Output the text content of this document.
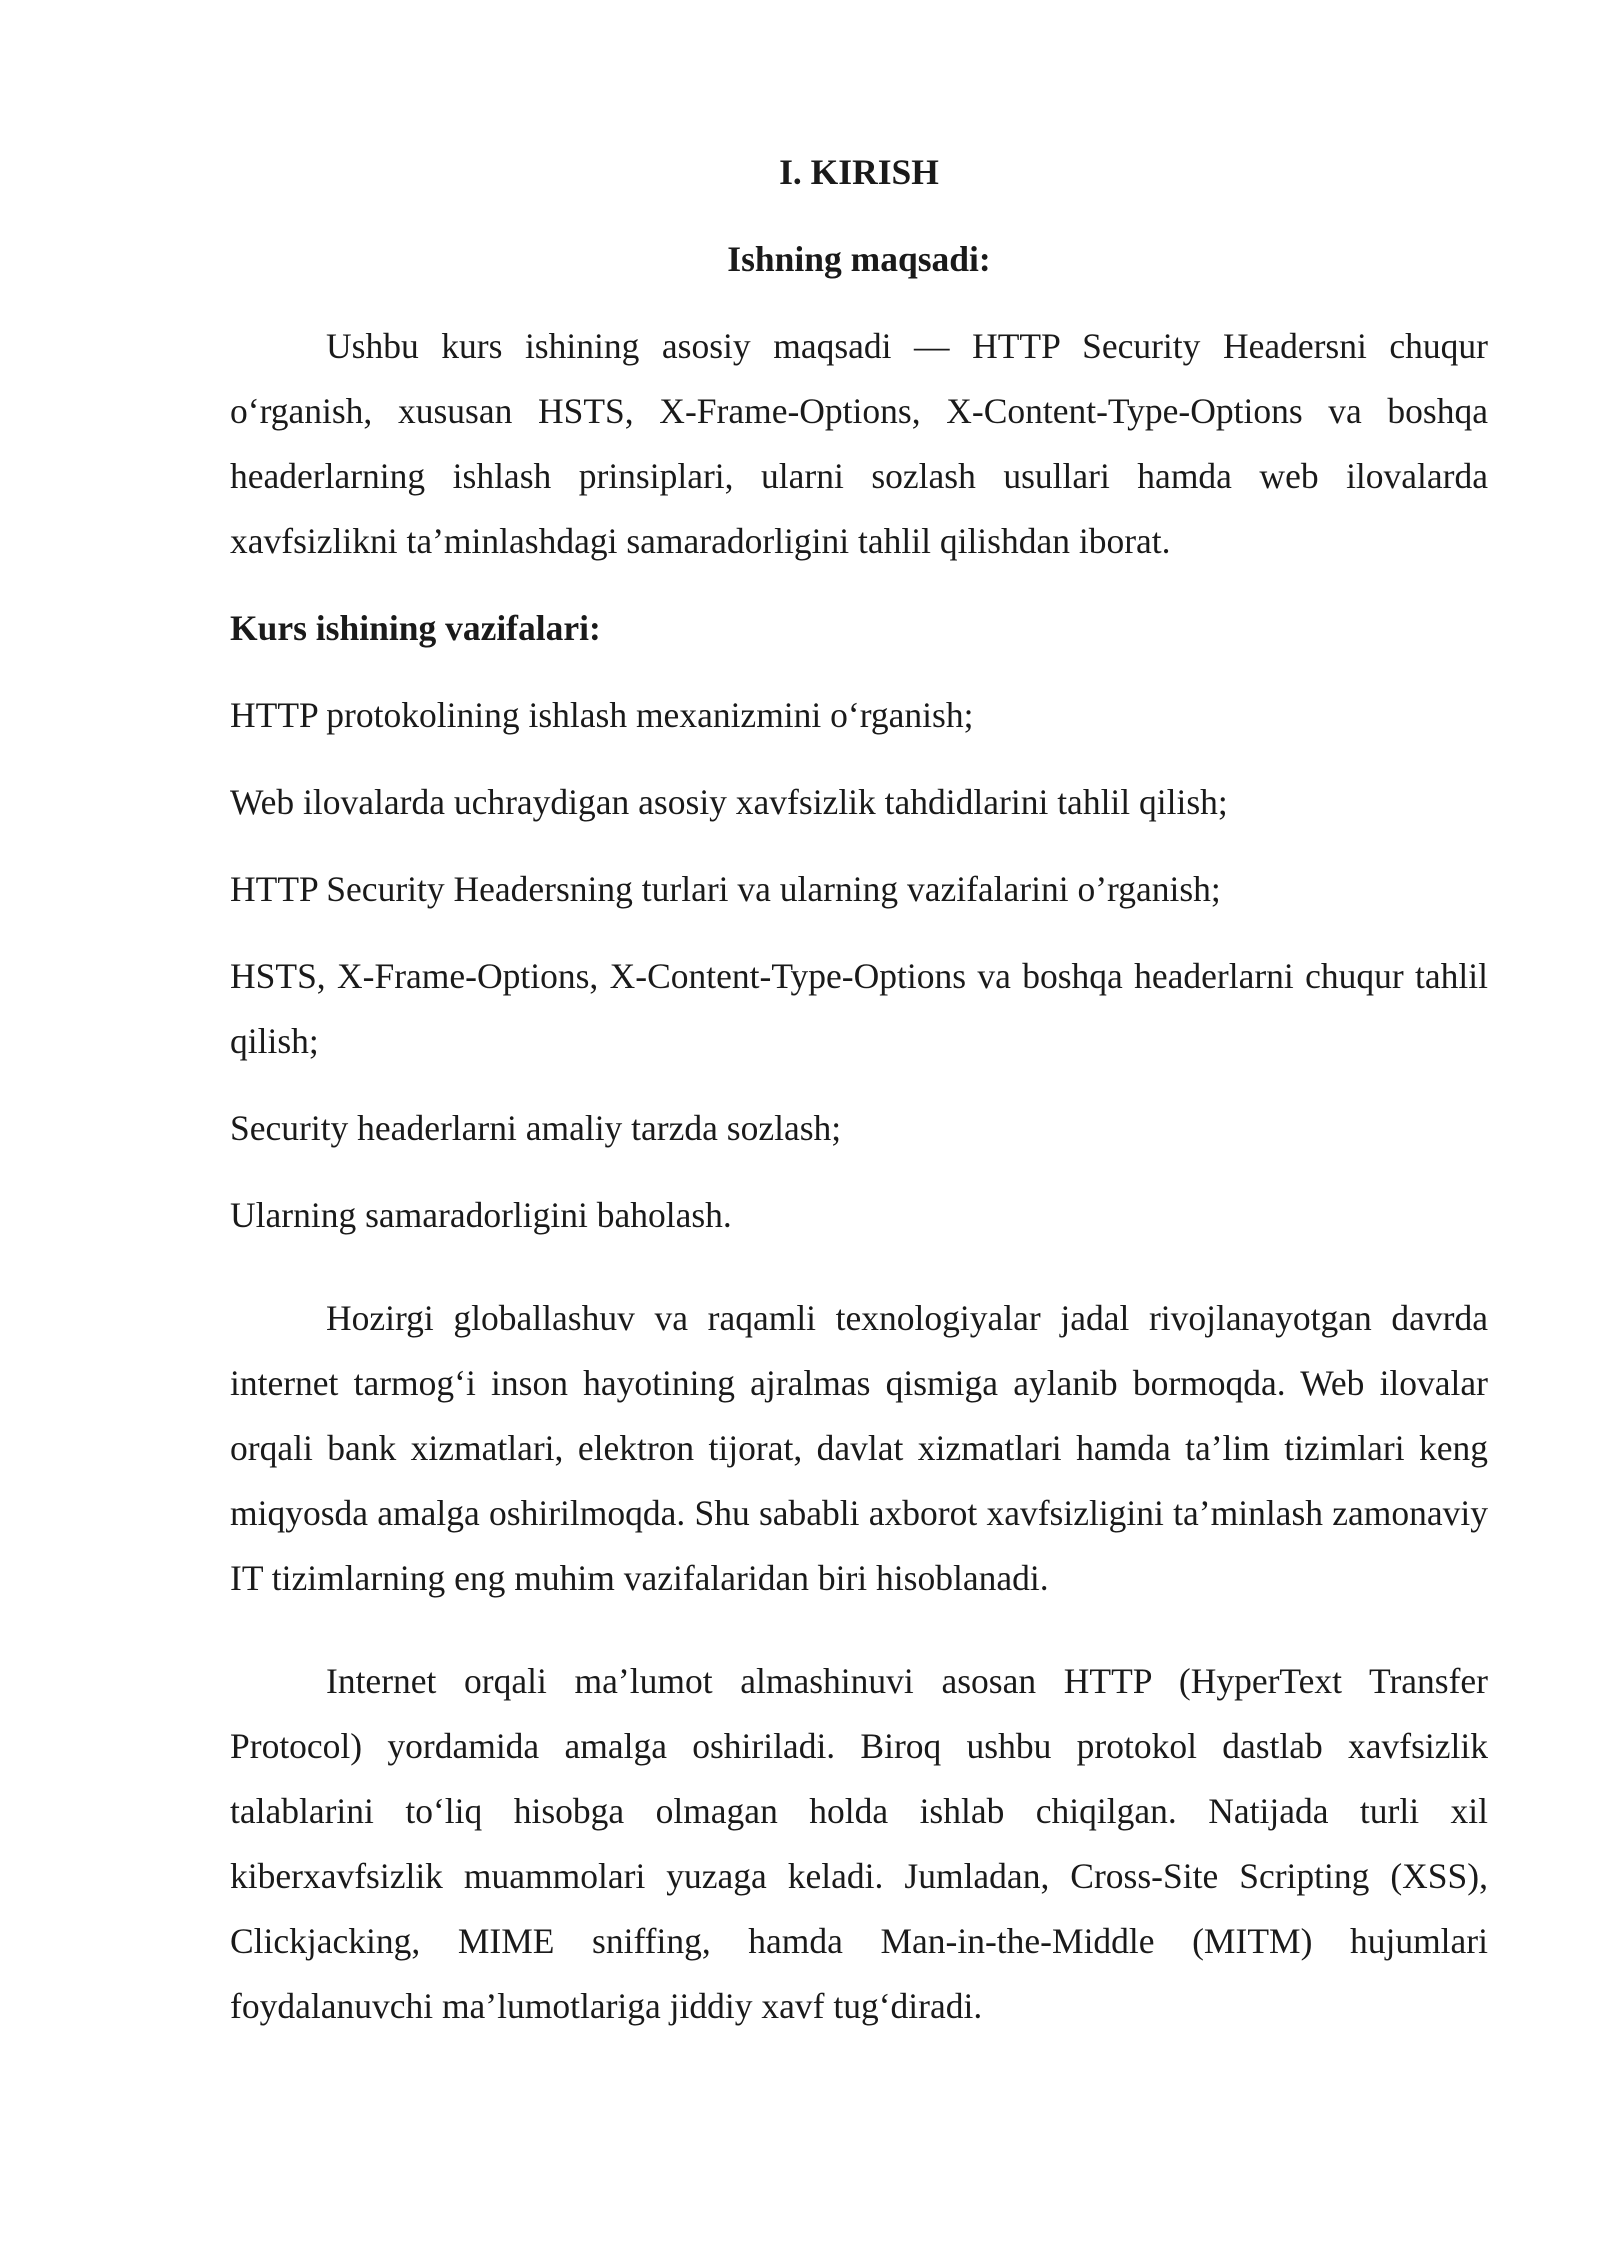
I. KIRISH

Ishning maqsadi:

Ushbu kurs ishining asosiy maqsadi — HTTP Security Headersni chuqur o‘rganish, xususan HSTS, X-Frame-Options, X-Content-Type-Options va boshqa headerlarning ishlash prinsiplari, ularni sozlash usullari hamda web ilovalarda xavfsizlikni ta’minlashdagi samaradorligini tahlil qilishdan iborat.

Kurs ishining vazifalari:

HTTP protokolining ishlash mexanizmini o‘rganish;
Web ilovalarda uchraydigan asosiy xavfsizlik tahdidlarini tahlil qilish;
HTTP Security Headersning turlari va ularning vazifalarini o’rganish;
HSTS, X-Frame-Options, X-Content-Type-Options va boshqa headerlarni chuqur tahlil qilish;
Security headerlarni amaliy tarzda sozlash;
Ularning samaradorligini baholash.

Hozirgi globallashuv va raqamli texnologiyalar jadal rivojlanayotgan davrda internet tarmog‘i inson hayotining ajralmas qismiga aylanib bormoqda. Web ilovalar orqali bank xizmatlari, elektron tijorat, davlat xizmatlari hamda ta’lim tizimlari keng miqyosda amalga oshirilmoqda. Shu sababli axborot xavfsizligini ta’minlash zamonaviy IT tizimlarning eng muhim vazifalaridan biri hisoblanadi.

Internet orqali ma’lumot almashinuvi asosan HTTP (HyperText Transfer Protocol) yordamida amalga oshiriladi. Biroq ushbu protokol dastlab xavfsizlik talablarini to‘liq hisobga olmagan holda ishlab chiqilgan. Natijada turli xil kiberxavfsizlik muammolari yuzaga keladi. Jumladan, Cross-Site Scripting (XSS), Clickjacking, MIME sniffing, hamda Man-in-the-Middle (MITM) hujumlari foydalanuvchi ma’lumotlariga jiddiy xavf tug‘diradi.
